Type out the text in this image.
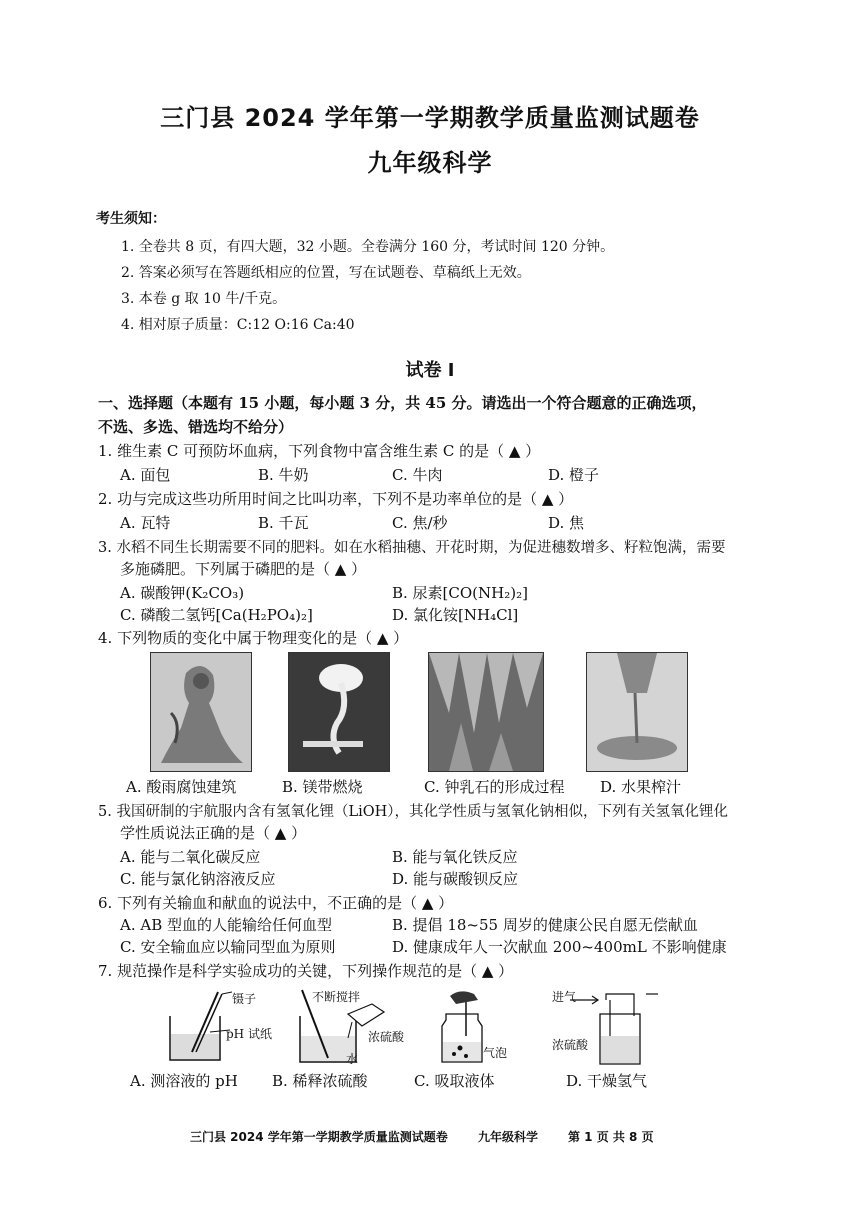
三门县 2024 学年第一学期教学质量监测试题卷
九年级科学
考生须知：
1. 全卷共 8 页，有四大题，32 小题。全卷满分 160 分，考试时间 120 分钟。
2. 答案必须写在答题纸相应的位置，写在试题卷、草稿纸上无效。
3. 本卷 g 取 10 牛/千克。
4. 相对原子质量：C:12 O:16 Ca:40
试卷 I
一、选择题（本题有 15 小题，每小题 3 分，共 45 分。请选出一个符合题意的正确选项，
不选、多选、错选均不给分）
1. 维生素 C 可预防坏血病，下列食物中富含维生素 C 的是（ ▲ ）
A. 面包	B. 牛奶	C. 牛肉	D. 橙子
2. 功与完成这些功所用时间之比叫功率，下列不是功率单位的是（ ▲ ）
A. 瓦特	B. 千瓦	C. 焦/秒	D. 焦
3. 水稻不同生长期需要不同的肥料。如在水稻抽穗、开花时期，为促进穗数增多、籽粒饱满，需要
多施磷肥。下列属于磷肥的是（ ▲ ）
A. 碳酸钾(K₂CO₃)	B. 尿素[CO(NH₂)₂]
C. 磷酸二氢钙[Ca(H₂PO₄)₂]	D. 氯化铵[NH₄Cl]
4. 下列物质的变化中属于物理变化的是（ ▲ ）
A. 酸雨腐蚀建筑	B. 镁带燃烧	C. 钟乳石的形成过程 D. 水果榨汁
5. 我国研制的宇航服内含有氢氧化锂（LiOH），其化学性质与氢氧化钠相似，下列有关氢氧化锂化
学性质说法正确的是（ ▲ ）
A. 能与二氧化碳反应	B. 能与氧化铁反应
C. 能与氯化钠溶液反应	D. 能与碳酸钡反应
6. 下列有关输血和献血的说法中，不正确的是（ ▲ ）
A. AB 型血的人能输给任何血型	B. 提倡 18~55 周岁的健康公民自愿无偿献血
C. 安全输血应以输同型血为原则	D. 健康成年人一次献血 200~400mL 不影响健康
7. 规范操作是科学实验成功的关键，下列操作规范的是（ ▲ ）
镊子
pH 试纸
不断搅拌
浓硫酸
水	气泡
进气
浓硫酸
A. 测溶液的 pH B. 稀释浓硫酸	C. 吸取液体	D. 干燥氢气
三门县 2024 学年第一学期教学质量监测试题卷	九年级科学 第 1 页 共 8 页
